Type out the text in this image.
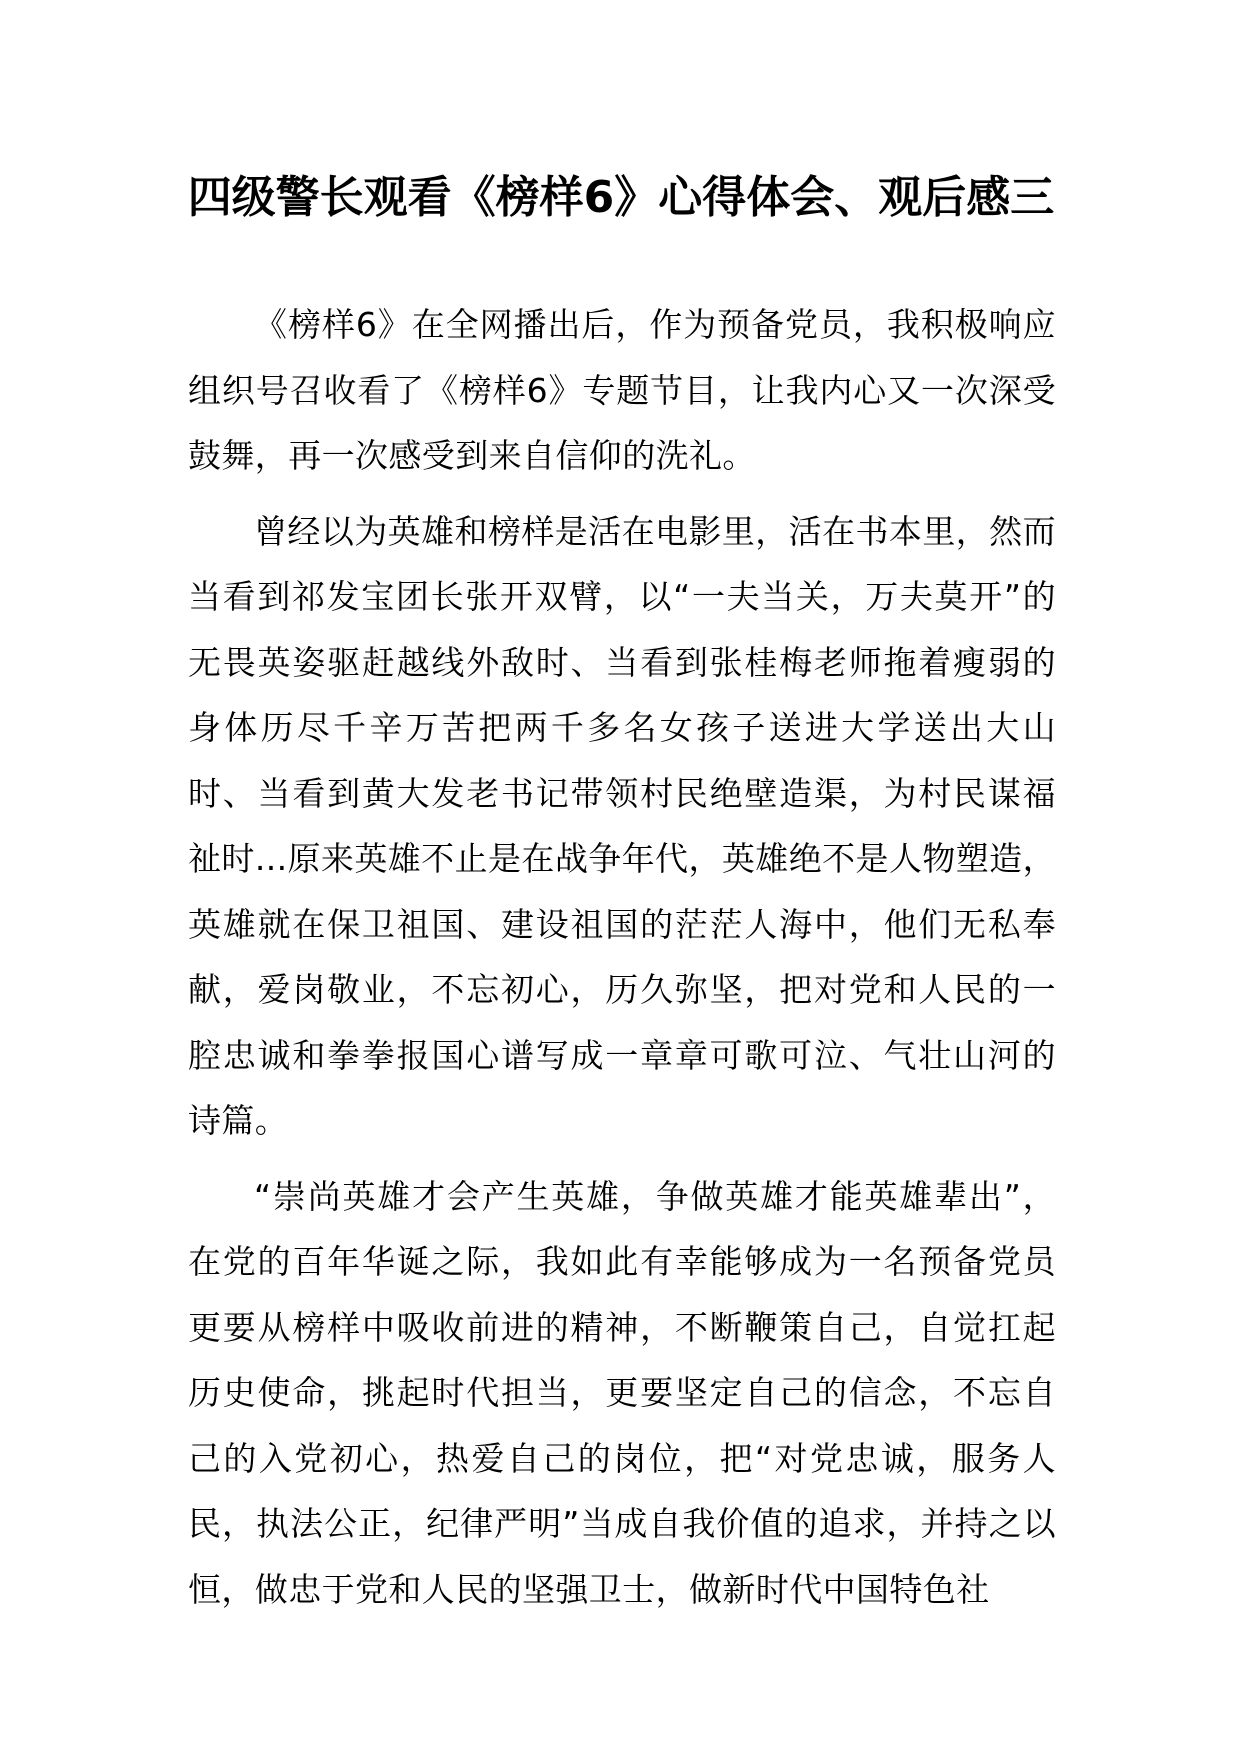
四级警长观看《榜样6》心得体会、观后感三

《榜样6》在全网播出后，作为预备党员，我积极响应组织号召收看了《榜样6》专题节目，让我内心又一次深受鼓舞，再一次感受到来自信仰的洗礼。

曾经以为英雄和榜样是活在电影里，活在书本里，然而当看到祁发宝团长张开双臂，以“一夫当关，万夫莫开”的无畏英姿驱赶越线外敌时、当看到张桂梅老师拖着瘦弱的身体历尽千辛万苦把两千多名女孩子送进大学送出大山时、当看到黄大发老书记带领村民绝壁造渠，为村民谋福祉时...原来英雄不止是在战争年代，英雄绝不是人物塑造，英雄就在保卫祖国、建设祖国的茫茫人海中，他们无私奉献，爱岗敬业，不忘初心，历久弥坚，把对党和人民的一腔忠诚和拳拳报国心谱写成一章章可歌可泣、气壮山河的诗篇。

“崇尚英雄才会产生英雄，争做英雄才能英雄辈出”，在党的百年华诞之际，我如此有幸能够成为一名预备党员更要从榜样中吸收前进的精神，不断鞭策自己，自觉扛起历史使命，挑起时代担当，更要坚定自己的信念，不忘自己的入党初心，热爱自己的岗位，把“对党忠诚，服务人民，执法公正，纪律严明”当成自我价值的追求，并持之以恒，做忠于党和人民的坚强卫士，做新时代中国特色社
